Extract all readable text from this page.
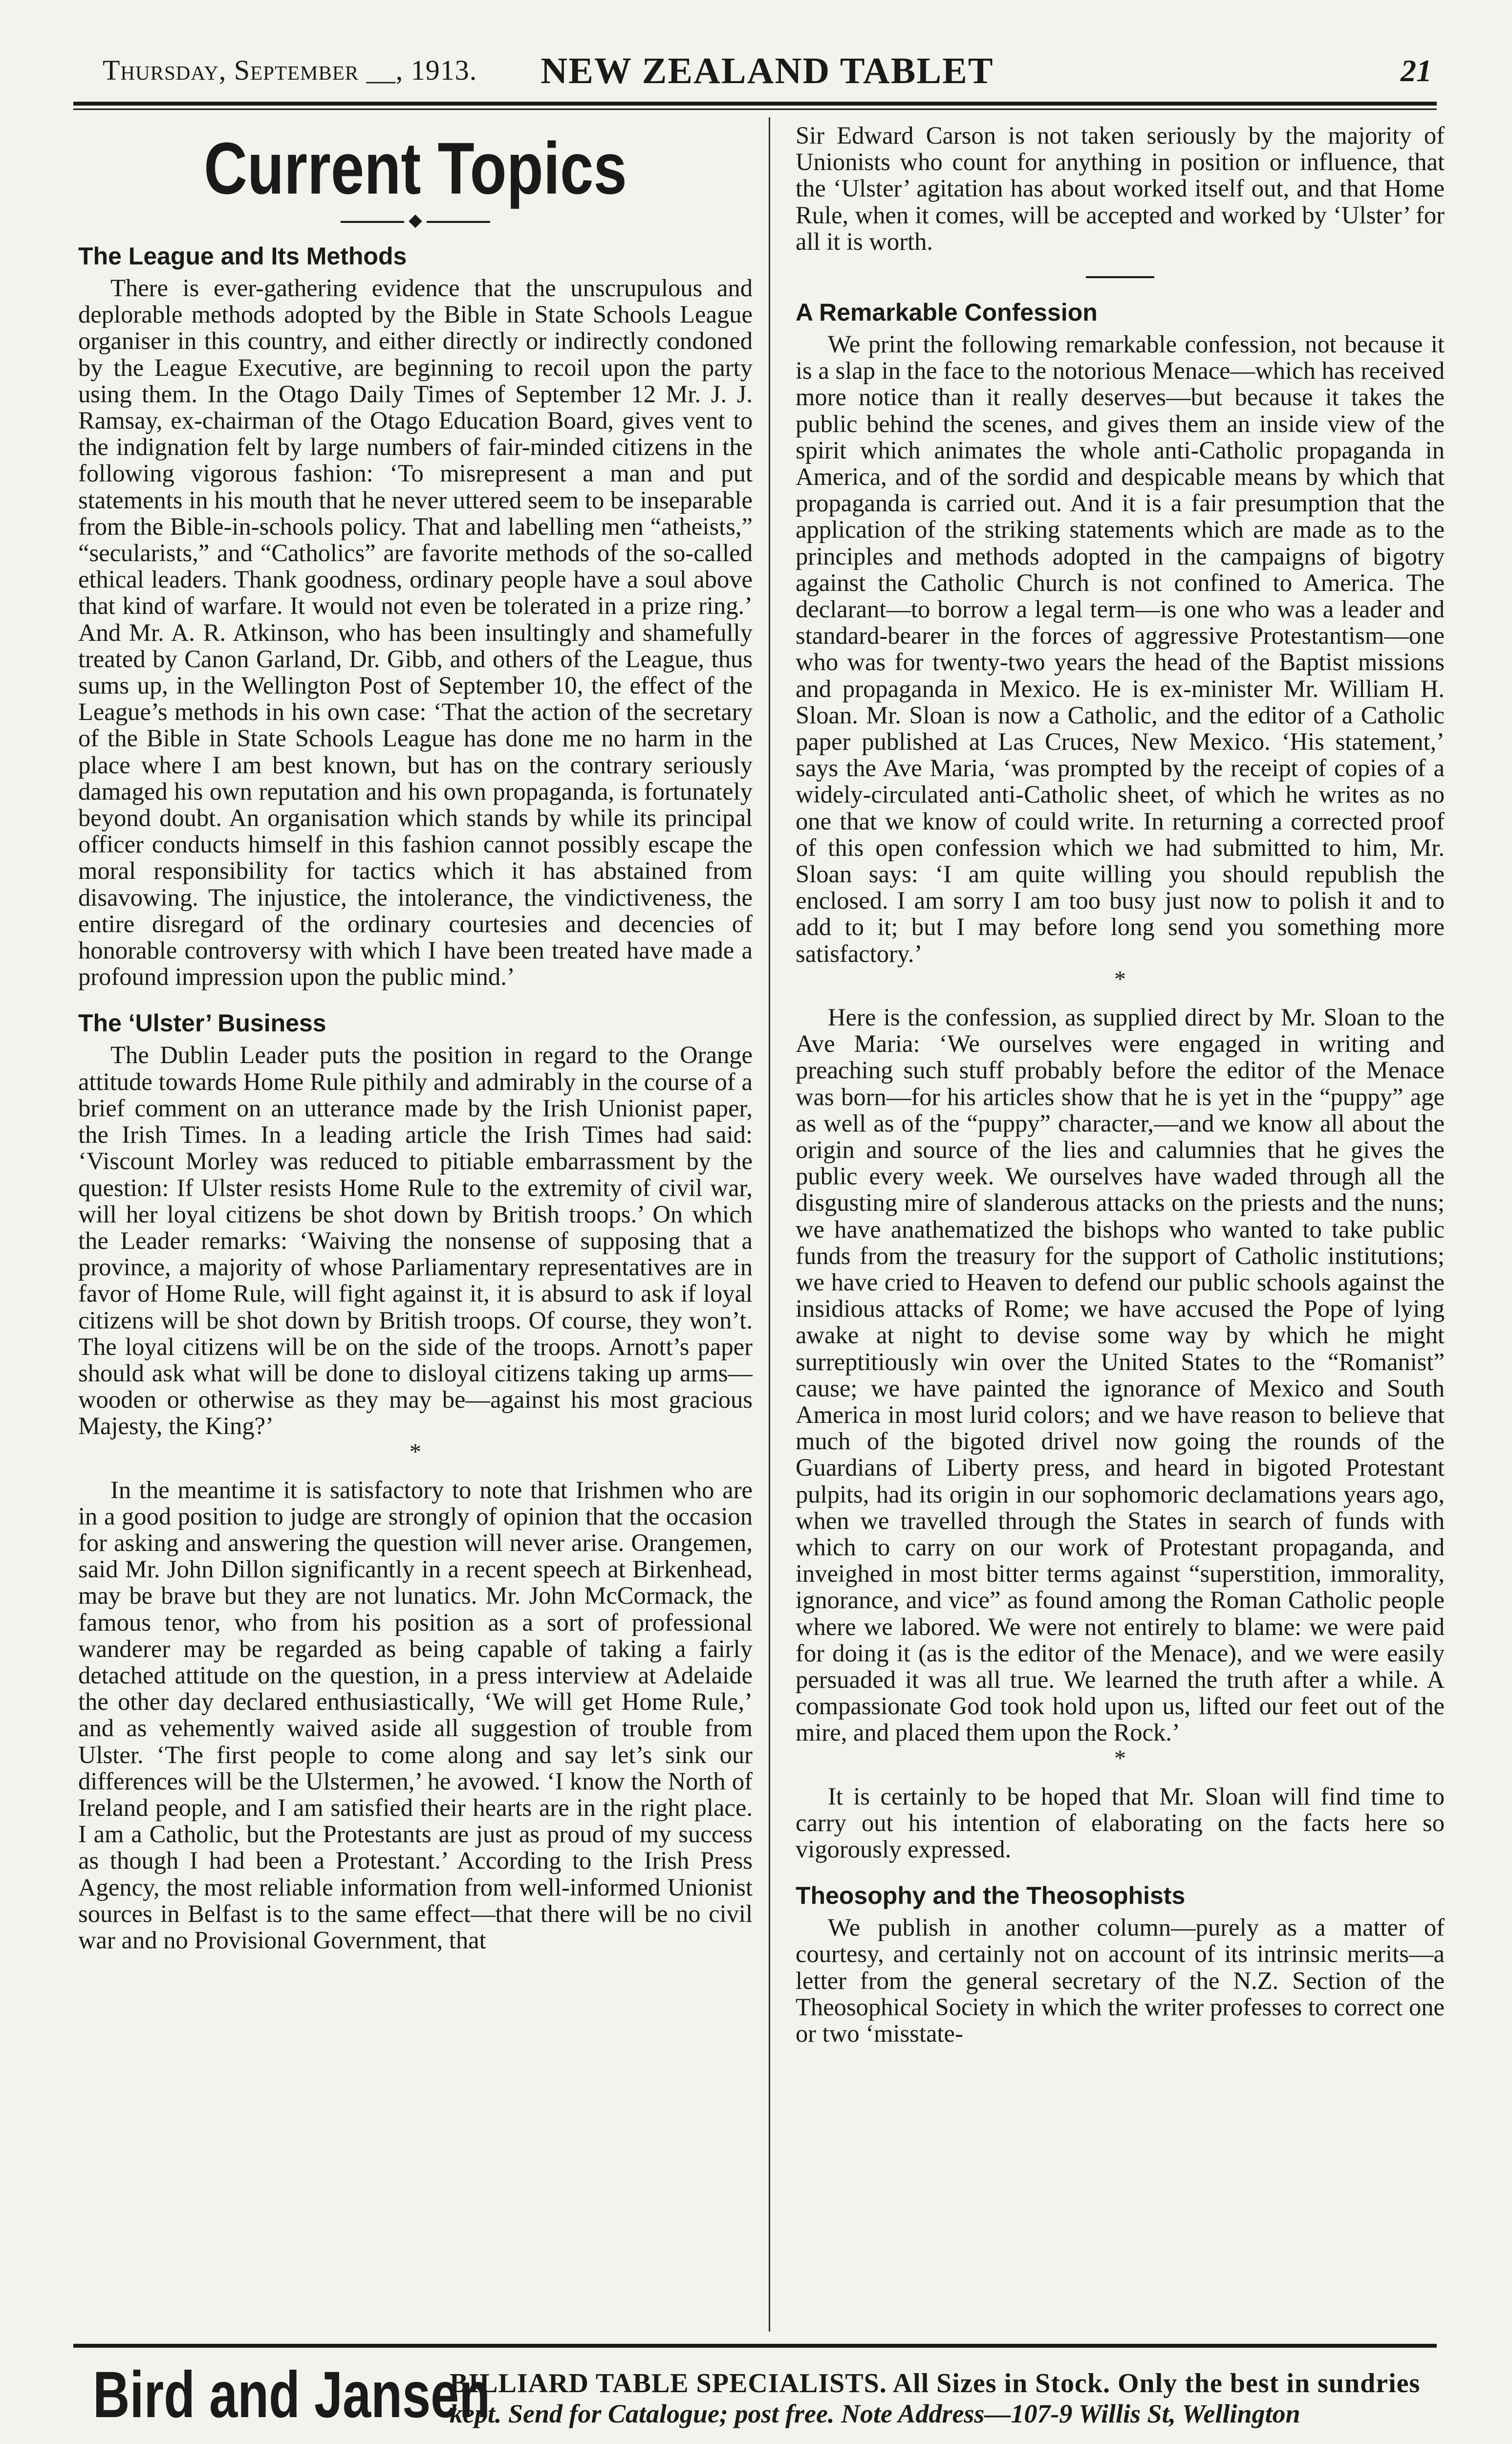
Thursday, September __, 1913.	NEW ZEALAND TABLET	21
Current Topics
◆
The League and Its Methods

There is ever-gathering evidence that the unscrupulous and deplorable methods adopted by the Bible in State Schools League organiser in this country, and either directly or indirectly condoned by the League Executive, are beginning to recoil upon the party using them. In the Otago Daily Times of September 12 Mr. J. J. Ramsay, ex-chairman of the Otago Education Board, gives vent to the indignation felt by large numbers of fair-minded citizens in the following vigorous fashion: ‘To misrepresent a man and put statements in his mouth that he never uttered seem to be inseparable from the Bible-in-schools policy. That and labelling men “atheists,” “secularists,” and “Catholics” are favorite methods of the so-called ethical leaders. Thank goodness, ordinary people have a soul above that kind of warfare. It would not even be tolerated in a prize ring.’ And Mr. A. R. Atkinson, who has been insultingly and shamefully treated by Canon Garland, Dr. Gibb, and others of the League, thus sums up, in the Wellington Post of September 10, the effect of the League’s methods in his own case: ‘That the action of the secretary of the Bible in State Schools League has done me no harm in the place where I am best known, but has on the contrary seriously damaged his own reputation and his own propaganda, is fortunately beyond doubt. An organisation which stands by while its principal officer conducts himself in this fashion cannot possibly escape the moral responsibility for tactics which it has abstained from disavowing. The injustice, the intolerance, the vindictiveness, the entire disregard of the ordinary courtesies and decencies of honorable controversy with which I have been treated have made a profound impression upon the public mind.’

The ‘Ulster’ Business

The Dublin Leader puts the position in regard to the Orange attitude towards Home Rule pithily and admirably in the course of a brief comment on an utterance made by the Irish Unionist paper, the Irish Times. In a leading article the Irish Times had said: ‘Viscount Morley was reduced to pitiable embarrassment by the question: If Ulster resists Home Rule to the extremity of civil war, will her loyal citizens be shot down by British troops.’ On which the Leader remarks: ‘Waiving the nonsense of supposing that a province, a majority of whose Parliamentary representatives are in favor of Home Rule, will fight against it, it is absurd to ask if loyal citizens will be shot down by British troops. Of course, they won’t. The loyal citizens will be on the side of the troops. Arnott’s paper should ask what will be done to disloyal citizens taking up arms—wooden or otherwise as they may be—against his most gracious Majesty, the King?’

*

In the meantime it is satisfactory to note that Irishmen who are in a good position to judge are strongly of opinion that the occasion for asking and answering the question will never arise. Orangemen, said Mr. John Dillon significantly in a recent speech at Birkenhead, may be brave but they are not lunatics. Mr. John McCormack, the famous tenor, who from his position as a sort of professional wanderer may be regarded as being capable of taking a fairly detached attitude on the question, in a press interview at Adelaide the other day declared enthusiastically, ‘We will get Home Rule,’ and as vehemently waived aside all suggestion of trouble from Ulster. ‘The first people to come along and say let’s sink our differences will be the Ulstermen,’ he avowed. ‘I know the North of Ireland people, and I am satisfied their hearts are in the right place. I am a Catholic, but the Protestants are just as proud of my success as though I had been a Protestant.’ According to the Irish Press Agency, the most reliable information from well-informed Unionist sources in Belfast is to the same effect—that there will be no civil war and no Provisional Government, that

Sir Edward Carson is not taken seriously by the majority of Unionists who count for anything in position or influence, that the ‘Ulster’ agitation has about worked itself out, and that Home Rule, when it comes, will be accepted and worked by ‘Ulster’ for all it is worth.

A Remarkable Confession

We print the following remarkable confession, not because it is a slap in the face to the notorious Menace—which has received more notice than it really deserves—but because it takes the public behind the scenes, and gives them an inside view of the spirit which animates the whole anti-Catholic propaganda in America, and of the sordid and despicable means by which that propaganda is carried out. And it is a fair presumption that the application of the striking statements which are made as to the principles and methods adopted in the campaigns of bigotry against the Catholic Church is not confined to America. The declarant—to borrow a legal term—is one who was a leader and standard-bearer in the forces of aggressive Protestantism—one who was for twenty-two years the head of the Baptist missions and propaganda in Mexico. He is ex-minister Mr. William H. Sloan. Mr. Sloan is now a Catholic, and the editor of a Catholic paper published at Las Cruces, New Mexico. ‘His statement,’ says the Ave Maria, ‘was prompted by the receipt of copies of a widely-circulated anti-Catholic sheet, of which he writes as no one that we know of could write. In returning a corrected proof of this open confession which we had submitted to him, Mr. Sloan says: ‘I am quite willing you should republish the enclosed. I am sorry I am too busy just now to polish it and to add to it; but I may before long send you something more satisfactory.’

*

Here is the confession, as supplied direct by Mr. Sloan to the Ave Maria: ‘We ourselves were engaged in writing and preaching such stuff probably before the editor of the Menace was born—for his articles show that he is yet in the “puppy” age as well as of the “puppy” character,—and we know all about the origin and source of the lies and calumnies that he gives the public every week. We ourselves have waded through all the disgusting mire of slanderous attacks on the priests and the nuns; we have anathematized the bishops who wanted to take public funds from the treasury for the support of Catholic institutions; we have cried to Heaven to defend our public schools against the insidious attacks of Rome; we have accused the Pope of lying awake at night to devise some way by which he might surreptitiously win over the United States to the “Romanist” cause; we have painted the ignorance of Mexico and South America in most lurid colors; and we have reason to believe that much of the bigoted drivel now going the rounds of the Guardians of Liberty press, and heard in bigoted Protestant pulpits, had its origin in our sophomoric declamations years ago, when we travelled through the States in search of funds with which to carry on our work of Protestant propaganda, and inveighed in most bitter terms against “superstition, immorality, ignorance, and vice” as found among the Roman Catholic people where we labored. We were not entirely to blame: we were paid for doing it (as is the editor of the Menace), and we were easily persuaded it was all true. We learned the truth after a while. A compassionate God took hold upon us, lifted our feet out of the mire, and placed them upon the Rock.’

*

It is certainly to be hoped that Mr. Sloan will find time to carry out his intention of elaborating on the facts here so vigorously expressed.

Theosophy and the Theosophists

We publish in another column—purely as a matter of courtesy, and certainly not on account of its intrinsic merits—a letter from the general secretary of the N.Z. Section of the Theosophical Society in which the writer professes to correct one or two ‘misstate-

Bird and Jansen
BILLIARD TABLE SPECIALISTS. All Sizes in Stock. Only the best in sundries
kept. Send for Catalogue; post free. Note Address—107-9 Willis St, Wellington
